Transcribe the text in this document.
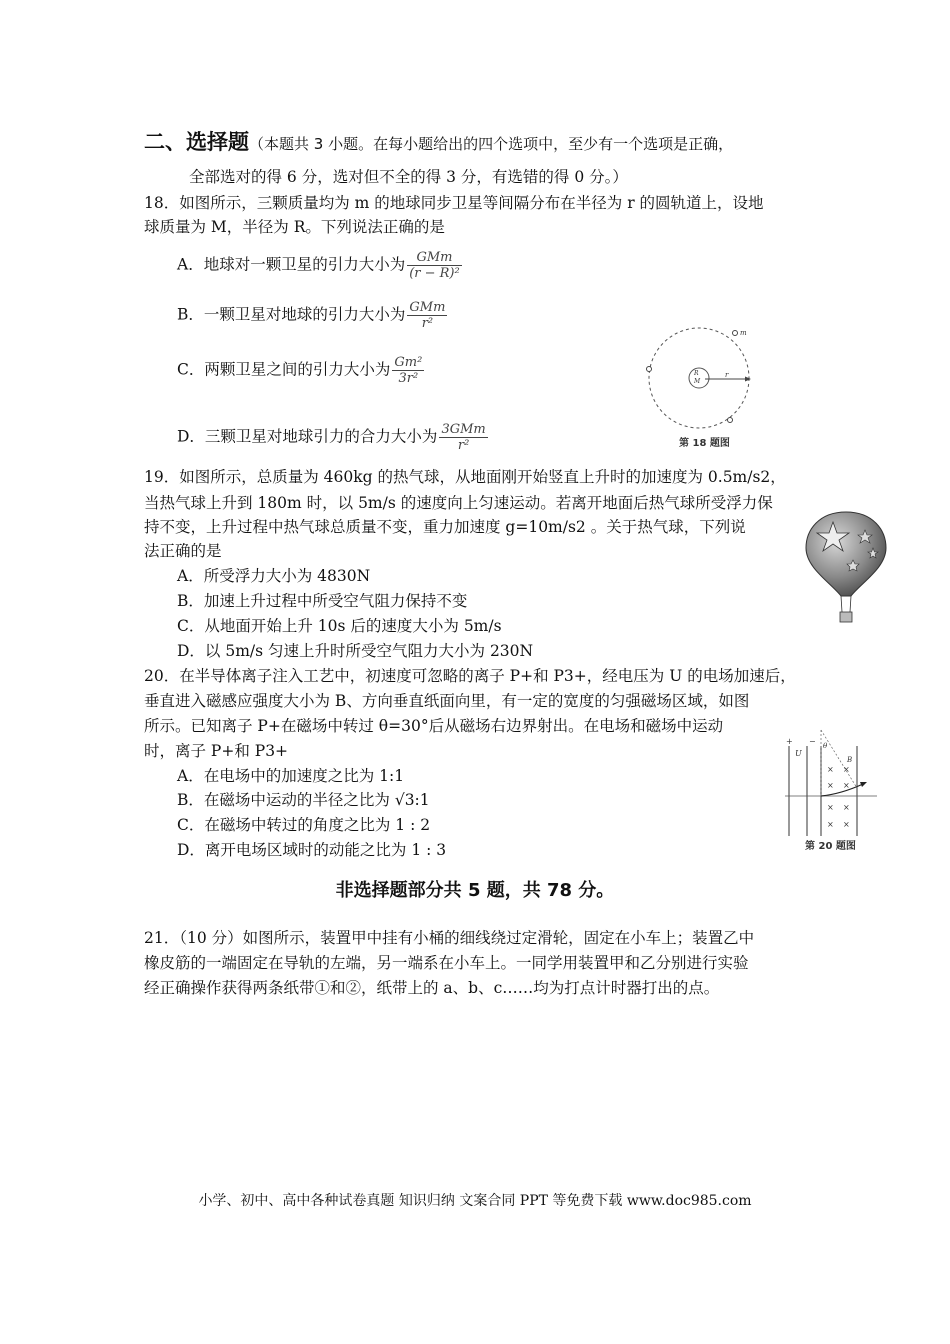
二、选择题（本题共 3 小题。在每小题给出的四个选项中，至少有一个选项是正确，
全部选对的得 6 分，选对但不全的得 3 分，有选错的得 0 分。）
18．如图所示，三颗质量均为 m 的地球同步卫星等间隔分布在半径为 r 的圆轨道上，设地
球质量为 M，半径为 R。下列说法正确的是
A．地球对一颗卫星的引力大小为 $\frac{\text{GMm}}{\text{(r − R)²}}$
B．一颗卫星对地球的引力大小为 $\frac{\text{GMm}}{\text{r²}}$
C．两颗卫星之间的引力大小为 $\frac{\text{Gm²}}{\text{3r²}}$
D．三颗卫星对地球引力的合力大小为 $\frac{\text{3GMm}}{\text{r²}}$
R
M
r
m
第 18 题图
19．如图所示，总质量为 460kg 的热气球，从地面刚开始竖直上升时的加速度为 0.5m/s2，
当热气球上升到 180m 时，以 5m/s 的速度向上匀速运动。若离开地面后热气球所受浮力保
持不变，上升过程中热气球总质量不变，重力加速度 g=10m/s2 。关于热气球，下列说
法正确的是
A．所受浮力大小为 4830N
B．加速上升过程中所受空气阻力保持不变
C．从地面开始上升 10s 后的速度大小为 5m/s
D．以 5m/s 匀速上升时所受空气阻力大小为 230N
20．在半导体离子注入工艺中，初速度可忽略的离子 P+和 P3+，经电压为 U 的电场加速后，
垂直进入磁感应强度大小为 B、方向垂直纸面向里，有一定的宽度的匀强磁场区域，如图
所示。已知离子 P+在磁场中转过 θ=30°后从磁场右边界射出。在电场和磁场中运动
时，离子 P+和 P3+
A．在电场中的加速度之比为 1:1
B．在磁场中运动的半径之比为 √3:1
C．在磁场中转过的角度之比为 1 : 2
D．离开电场区域时的动能之比为 1 : 3
+ −
U
θ
B
× ×
× ×
× ×
× ×
第 20 题图
非选择题部分共 5 题，共 78 分。
21．（10 分）如图所示，装置甲中挂有小桶的细线绕过定滑轮，固定在小车上；装置乙中
橡皮筋的一端固定在导轨的左端，另一端系在小车上。一同学用装置甲和乙分别进行实验
经正确操作获得两条纸带①和②，纸带上的 a、b、c……均为打点计时器打出的点。
小学、初中、高中各种试卷真题 知识归纳 文案合同 PPT 等免费下载 www.doc985.com
